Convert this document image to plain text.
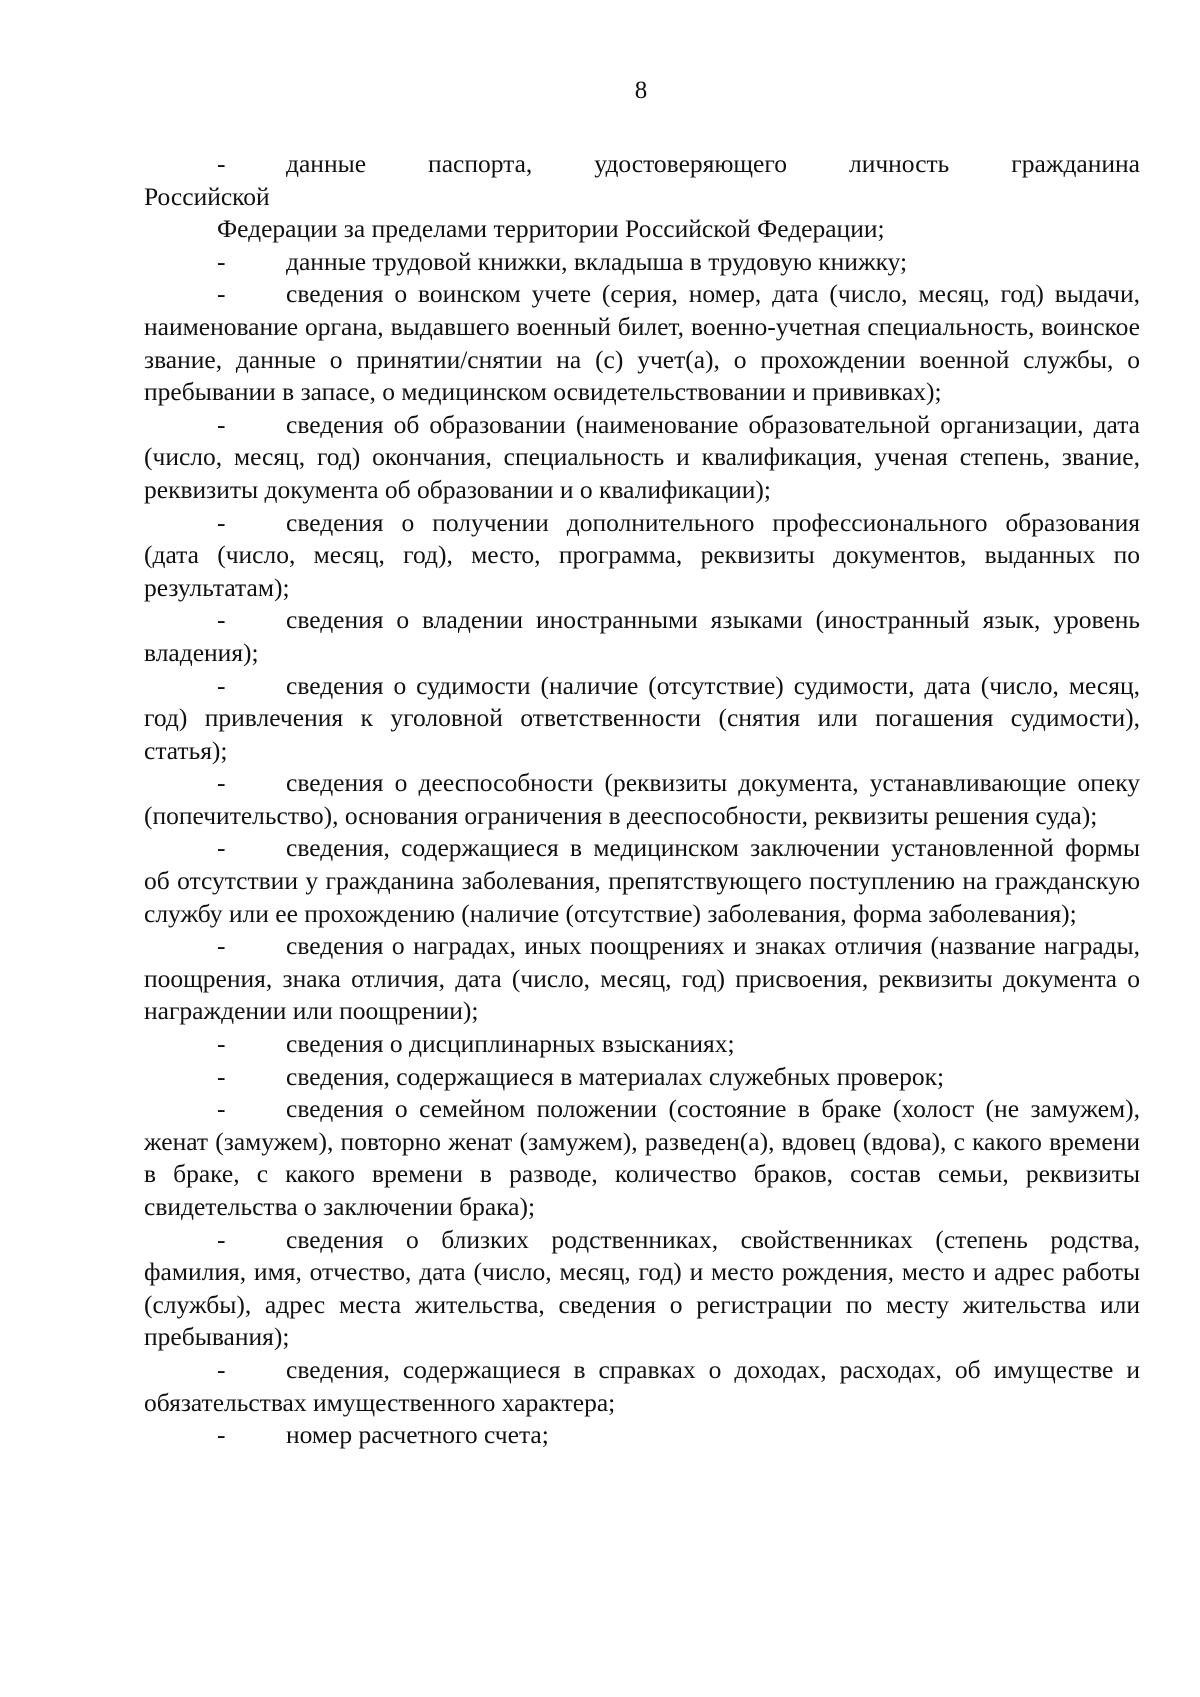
8

- данные паспорта, удостоверяющего личность гражданина

Российской

Федерации за пределами территории Российской Федерации;

- данные трудовой книжки, вкладыша в трудовую книжку;

- сведения о воинском учете (серия, номер, дата (число, месяц, год) выдачи, наименование органа, выдавшего военный билет, военно-учетная специальность, воинское звание, данные о принятии/снятии на (с) учет(а), о прохождении военной службы, о пребывании в запасе, о медицинском освидетельствовании и прививках);

- сведения об образовании (наименование образовательной организации, дата (число, месяц, год) окончания, специальность и квалификация, ученая степень, звание, реквизиты документа об образовании и о квалификации);

- сведения о получении дополнительного профессионального образования (дата (число, месяц, год), место, программа, реквизиты документов, выданных по результатам);

- сведения о владении иностранными языками (иностранный язык, уровень владения);

- сведения о судимости (наличие (отсутствие) судимости, дата (число, месяц, год) привлечения к уголовной ответственности (снятия или погашения судимости), статья);

- сведения о дееспособности (реквизиты документа, устанавливающие опеку (попечительство), основания ограничения в дееспособности, реквизиты решения суда);

- сведения, содержащиеся в медицинском заключении установленной формы об отсутствии у гражданина заболевания, препятствующего поступлению на гражданскую службу или ее прохождению (наличие (отсутствие) заболевания, форма заболевания);

- сведения о наградах, иных поощрениях и знаках отличия (название награды, поощрения, знака отличия, дата (число, месяц, год) присвоения, реквизиты документа о награждении или поощрении);

- сведения о дисциплинарных взысканиях;

- сведения, содержащиеся в материалах служебных проверок;

- сведения о семейном положении (состояние в браке (холост (не замужем), женат (замужем), повторно женат (замужем), разведен(а), вдовец (вдова), с какого времени в браке, с какого времени в разводе, количество браков, состав семьи, реквизиты свидетельства о заключении брака);

- сведения о близких родственниках, свойственниках (степень родства, фамилия, имя, отчество, дата (число, месяц, год) и место рождения, место и адрес работы (службы), адрес места жительства, сведения о регистрации по месту жительства или пребывания);

- сведения, содержащиеся в справках о доходах, расходах, об имуществе и обязательствах имущественного характера;

- номер расчетного счета;
